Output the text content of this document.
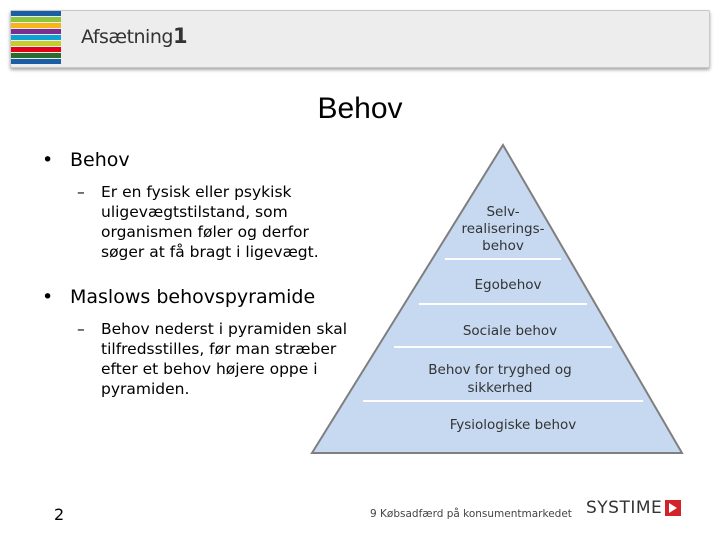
Afsætning1
Behov
• Behov
– Er en fysisk eller psykisk
uligevægtstilstand, som
organismen føler og derfor
søger at få bragt i ligevægt.
• Maslows behovspyramide
– Behov nederst i pyramiden skal
tilfredsstilles, før man stræber
efter et behov højere oppe i
pyramiden.
Selv-
realiserings-
behov
Egobehov
Sociale behov
Behov for tryghed og
sikkerhed
Fysiologiske behov
2	9 Købsadfærd på konsumentmarkedet SYSTIME
